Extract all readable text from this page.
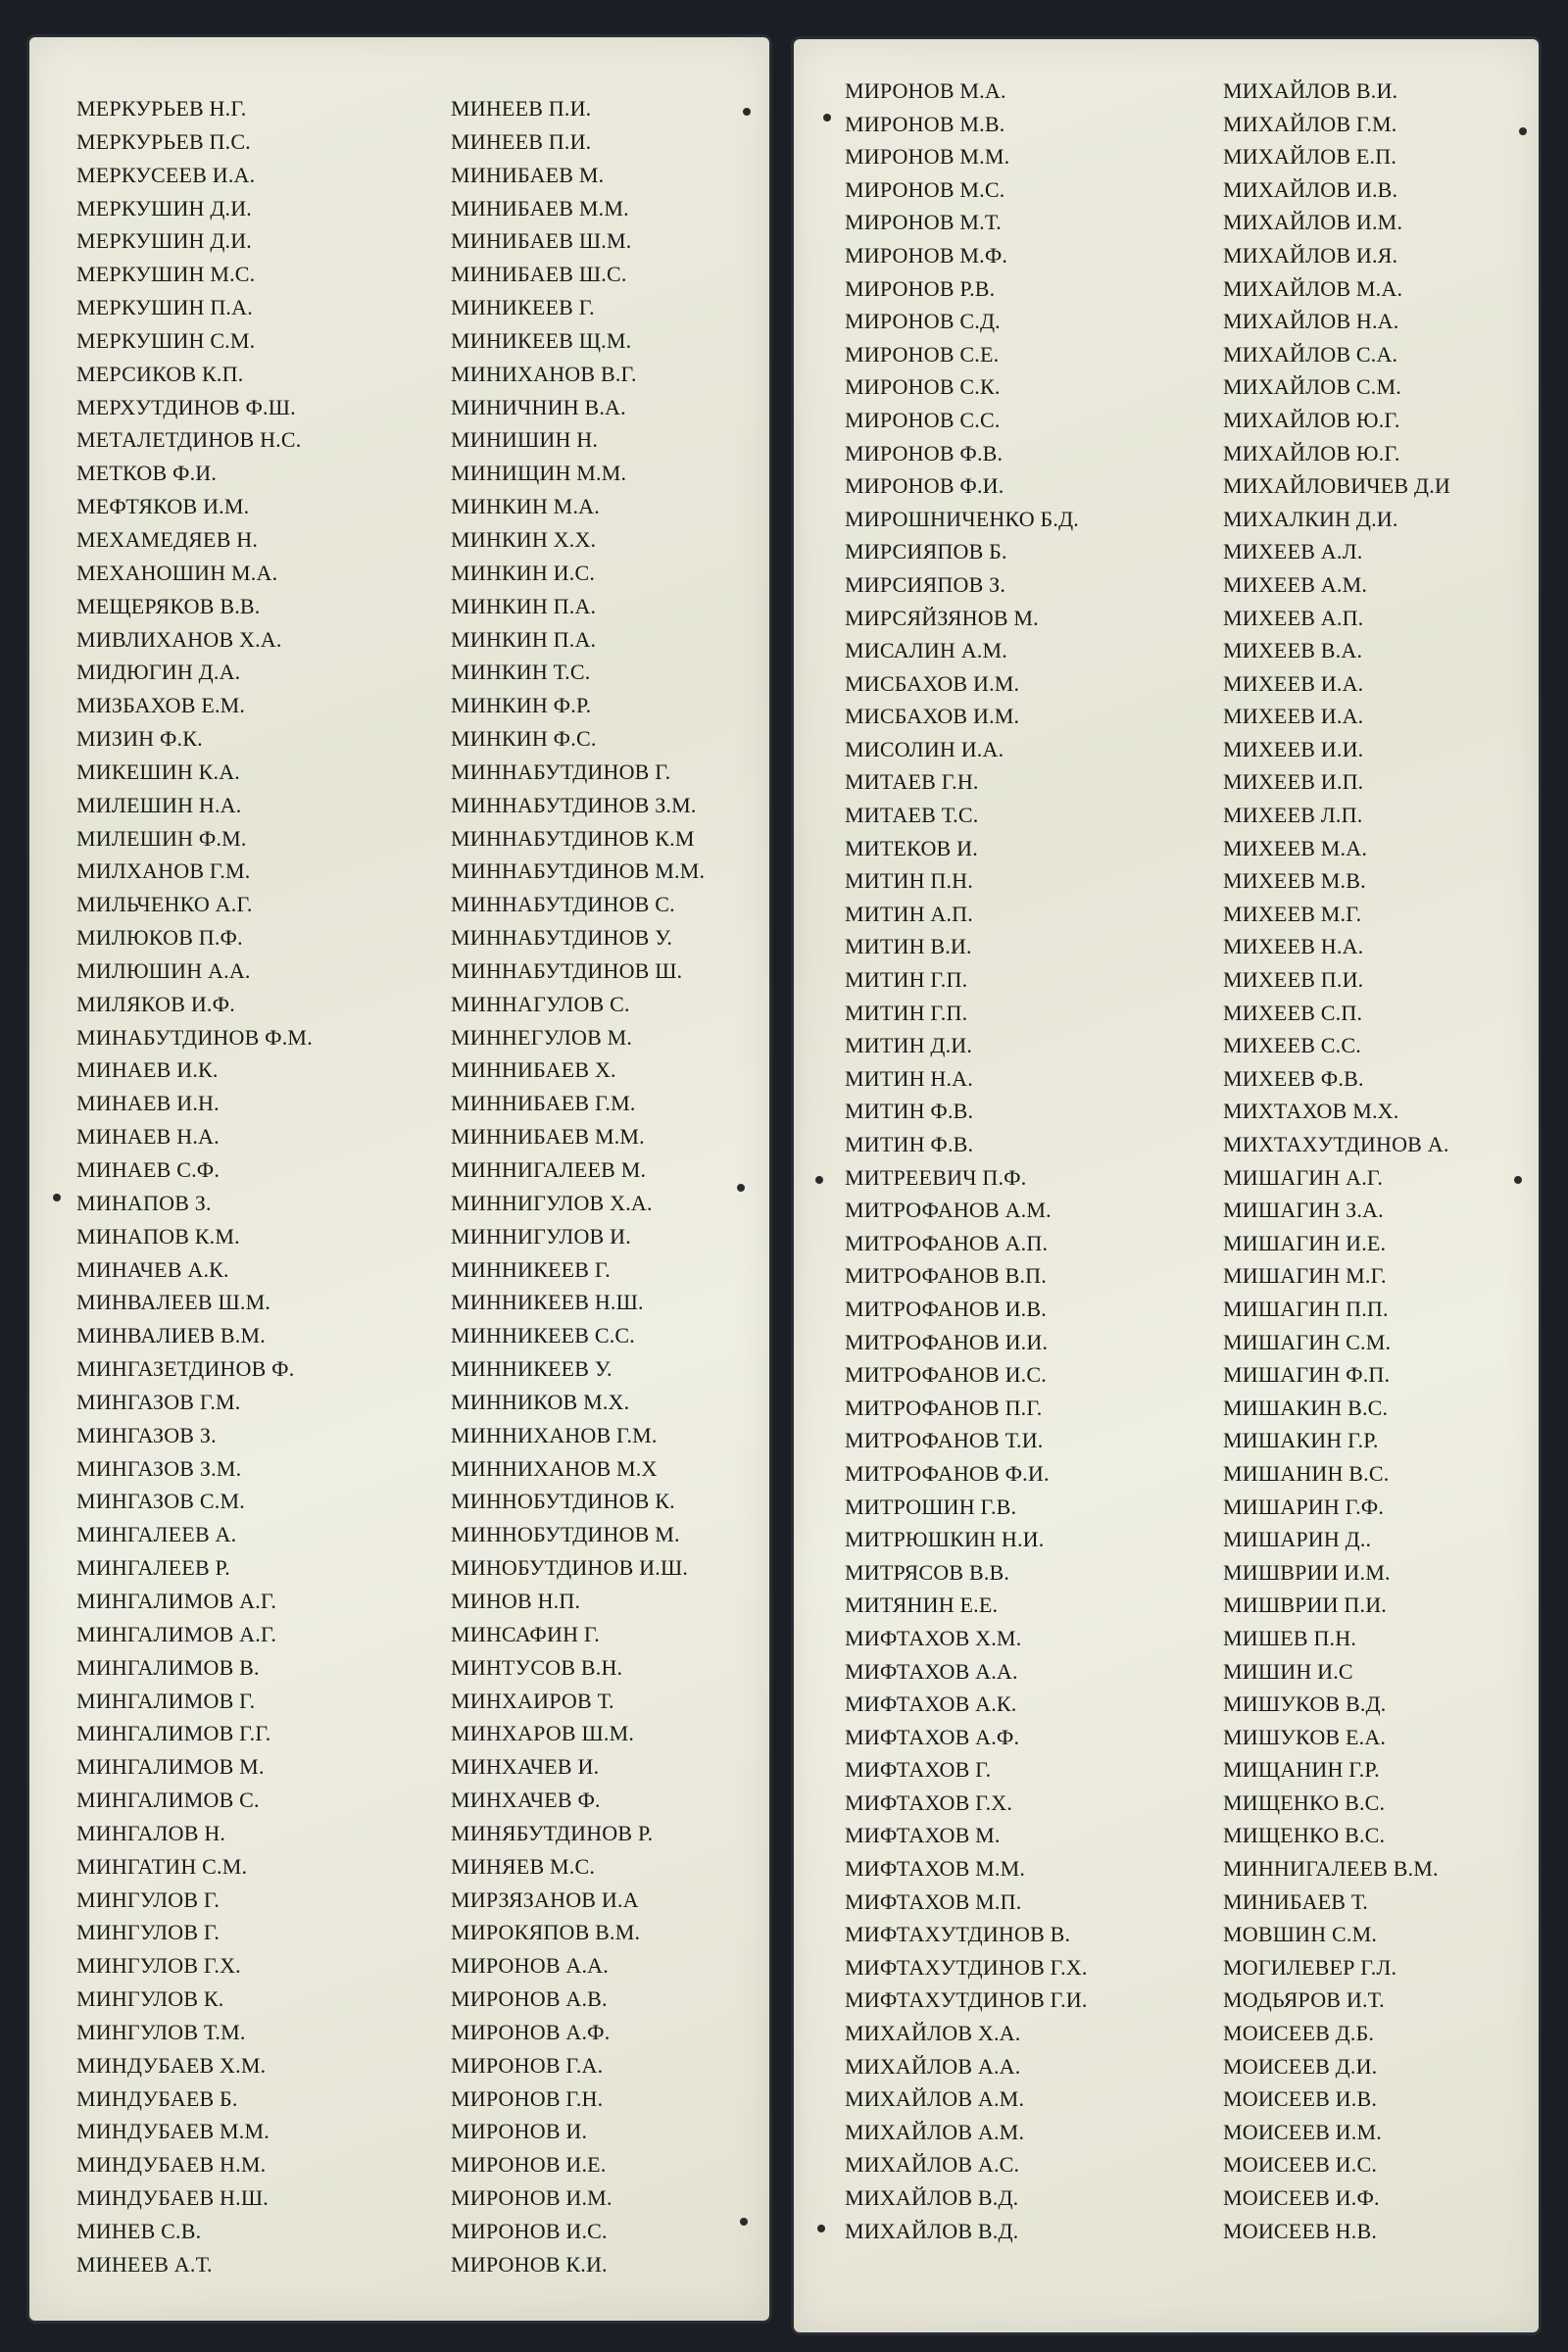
МЕРКУРЬЕВ Н.Г.
МЕРКУРЬЕВ П.С.
МЕРКУСЕЕВ И.А.
МЕРКУШИН Д.И.
МЕРКУШИН Д.И.
МЕРКУШИН М.С.
МЕРКУШИН П.А.
МЕРКУШИН С.М.
МЕРСИКОВ К.П.
МЕРХУТДИНОВ Ф.Ш.
МЕТАЛЕТДИНОВ Н.С.
МЕТКОВ Ф.И.
МЕФТЯКОВ И.М.
МЕХАМЕДЯЕВ Н.
МЕХАНОШИН М.А.
МЕЩЕРЯКОВ В.В.
МИВЛИХАНОВ Х.А.
МИДЮГИН Д.А.
МИЗБАХОВ Е.М.
МИЗИН Ф.К.
МИКЕШИН К.А.
МИЛЕШИН Н.А.
МИЛЕШИН Ф.М.
МИЛХАНОВ Г.М.
МИЛЬЧЕНКО А.Г.
МИЛЮКОВ П.Ф.
МИЛЮШИН А.А.
МИЛЯКОВ И.Ф.
МИНАБУТДИНОВ Ф.М.
МИНАЕВ И.К.
МИНАЕВ И.Н.
МИНАЕВ Н.А.
МИНАЕВ С.Ф.
МИНАПОВ З.
МИНАПОВ К.М.
МИНАЧЕВ А.К.
МИНВАЛЕЕВ Ш.М.
МИНВАЛИЕВ В.М.
МИНГАЗЕТДИНОВ Ф.
МИНГАЗОВ Г.М.
МИНГАЗОВ З.
МИНГАЗОВ З.М.
МИНГАЗОВ С.М.
МИНГАЛЕЕВ А.
МИНГАЛЕЕВ Р.
МИНГАЛИМОВ А.Г.
МИНГАЛИМОВ А.Г.
МИНГАЛИМОВ В.
МИНГАЛИМОВ Г.
МИНГАЛИМОВ Г.Г.
МИНГАЛИМОВ М.
МИНГАЛИМОВ С.
МИНГАЛОВ Н.
МИНГАТИН С.М.
МИНГУЛОВ Г.
МИНГУЛОВ Г.
МИНГУЛОВ Г.Х.
МИНГУЛОВ К.
МИНГУЛОВ Т.М.
МИНДУБАЕВ Х.М.
МИНДУБАЕВ Б.
МИНДУБАЕВ М.М.
МИНДУБАЕВ Н.М.
МИНДУБАЕВ Н.Ш.
МИНЕВ С.В.
МИНЕЕВ А.Т.
МИНЕЕВ П.И.
МИНЕЕВ П.И.
МИНИБАЕВ М.
МИНИБАЕВ М.М.
МИНИБАЕВ Ш.М.
МИНИБАЕВ Ш.С.
МИНИКЕЕВ Г.
МИНИКЕЕВ Щ.М.
МИНИХАНОВ В.Г.
МИНИЧНИН В.А.
МИНИШИН Н.
МИНИЩИН М.М.
МИНКИН М.А.
МИНКИН Х.Х.
МИНКИН И.С.
МИНКИН П.А.
МИНКИН П.А.
МИНКИН Т.С.
МИНКИН Ф.Р.
МИНКИН Ф.С.
МИННАБУТДИНОВ Г.
МИННАБУТДИНОВ З.М.
МИННАБУТДИНОВ К.М
МИННАБУТДИНОВ М.М.
МИННАБУТДИНОВ С.
МИННАБУТДИНОВ У.
МИННАБУТДИНОВ Ш.
МИННАГУЛОВ С.
МИННЕГУЛОВ М.
МИННИБАЕВ Х.
МИННИБАЕВ Г.М.
МИННИБАЕВ М.М.
МИННИГАЛЕЕВ М.
МИННИГУЛОВ Х.А.
МИННИГУЛОВ И.
МИННИКЕЕВ Г.
МИННИКЕЕВ Н.Ш.
МИННИКЕЕВ С.С.
МИННИКЕЕВ У.
МИННИКОВ М.Х.
МИННИХАНОВ Г.М.
МИННИХАНОВ М.Х
МИННОБУТДИНОВ К.
МИННОБУТДИНОВ М.
МИНОБУТДИНОВ И.Ш.
МИНОВ Н.П.
МИНСАФИН Г.
МИНТУСОВ В.Н.
МИНХАИРОВ Т.
МИНХАРОВ Ш.М.
МИНХАЧЕВ И.
МИНХАЧЕВ Ф.
МИНЯБУТДИНОВ Р.
МИНЯЕВ М.С.
МИРЗЯЗАНОВ И.А
МИРОКЯПОВ В.М.
МИРОНОВ А.А.
МИРОНОВ А.В.
МИРОНОВ А.Ф.
МИРОНОВ Г.А.
МИРОНОВ Г.Н.
МИРОНОВ И.
МИРОНОВ И.Е.
МИРОНОВ И.М.
МИРОНОВ И.С.
МИРОНОВ К.И.
МИРОНОВ М.А.
МИРОНОВ М.В.
МИРОНОВ М.М.
МИРОНОВ М.С.
МИРОНОВ М.Т.
МИРОНОВ М.Ф.
МИРОНОВ Р.В.
МИРОНОВ С.Д.
МИРОНОВ С.Е.
МИРОНОВ С.К.
МИРОНОВ С.С.
МИРОНОВ Ф.В.
МИРОНОВ Ф.И.
МИРОШНИЧЕНКО Б.Д.
МИРСИЯПОВ Б.
МИРСИЯПОВ З.
МИРСЯЙЗЯНОВ М.
МИСАЛИН А.М.
МИСБАХОВ И.М.
МИСБАХОВ И.М.
МИСОЛИН И.А.
МИТАЕВ Г.Н.
МИТАЕВ Т.С.
МИТЕКОВ И.
МИТИН П.Н.
МИТИН А.П.
МИТИН В.И.
МИТИН Г.П.
МИТИН Г.П.
МИТИН Д.И.
МИТИН Н.А.
МИТИН Ф.В.
МИТИН Ф.В.
МИТРЕЕВИЧ П.Ф.
МИТРОФАНОВ А.М.
МИТРОФАНОВ А.П.
МИТРОФАНОВ В.П.
МИТРОФАНОВ И.В.
МИТРОФАНОВ И.И.
МИТРОФАНОВ И.С.
МИТРОФАНОВ П.Г.
МИТРОФАНОВ Т.И.
МИТРОФАНОВ Ф.И.
МИТРОШИН Г.В.
МИТРЮШКИН Н.И.
МИТРЯСОВ В.В.
МИТЯНИН Е.Е.
МИФТАХОВ Х.М.
МИФТАХОВ А.А.
МИФТАХОВ А.К.
МИФТАХОВ А.Ф.
МИФТАХОВ Г.
МИФТАХОВ Г.Х.
МИФТАХОВ М.
МИФТАХОВ М.М.
МИФТАХОВ М.П.
МИФТАХУТДИНОВ В.
МИФТАХУТДИНОВ Г.Х.
МИФТАХУТДИНОВ Г.И.
МИХАЙЛОВ Х.А.
МИХАЙЛОВ А.А.
МИХАЙЛОВ А.М.
МИХАЙЛОВ А.М.
МИХАЙЛОВ А.С.
МИХАЙЛОВ В.Д.
МИХАЙЛОВ В.Д.
МИХАЙЛОВ В.И.
МИХАЙЛОВ Г.М.
МИХАЙЛОВ Е.П.
МИХАЙЛОВ И.В.
МИХАЙЛОВ И.М.
МИХАЙЛОВ И.Я.
МИХАЙЛОВ М.А.
МИХАЙЛОВ Н.А.
МИХАЙЛОВ С.А.
МИХАЙЛОВ С.М.
МИХАЙЛОВ Ю.Г.
МИХАЙЛОВ Ю.Г.
МИХАЙЛОВИЧЕВ Д.И
МИХАЛКИН Д.И.
МИХЕЕВ А.Л.
МИХЕЕВ А.М.
МИХЕЕВ А.П.
МИХЕЕВ В.А.
МИХЕЕВ И.А.
МИХЕЕВ И.А.
МИХЕЕВ И.И.
МИХЕЕВ И.П.
МИХЕЕВ Л.П.
МИХЕЕВ М.А.
МИХЕЕВ М.В.
МИХЕЕВ М.Г.
МИХЕЕВ Н.А.
МИХЕЕВ П.И.
МИХЕЕВ С.П.
МИХЕЕВ С.С.
МИХЕЕВ Ф.В.
МИХТАХОВ М.Х.
МИХТАХУТДИНОВ А.
МИШАГИН А.Г.
МИШАГИН З.А.
МИШАГИН И.Е.
МИШАГИН М.Г.
МИШАГИН П.П.
МИШАГИН С.М.
МИШАГИН Ф.П.
МИШАКИН В.С.
МИШАКИН Г.Р.
МИШАНИН В.С.
МИШАРИН Г.Ф.
МИШАРИН Д..
МИШВРИИ И.М.
МИШВРИИ П.И.
МИШЕВ П.Н.
МИШИН И.С
МИШУКОВ В.Д.
МИШУКОВ Е.А.
МИЩАНИН Г.Р.
МИЩЕНКО В.С.
МИЩЕНКО В.С.
МИННИГАЛЕЕВ В.М.
МИНИБАЕВ Т.
МОВШИН С.М.
МОГИЛЕВЕР Г.Л.
МОДЬЯРОВ И.Т.
МОИСЕЕВ Д.Б.
МОИСЕЕВ Д.И.
МОИСЕЕВ И.В.
МОИСЕЕВ И.М.
МОИСЕЕВ И.С.
МОИСЕЕВ И.Ф.
МОИСЕЕВ Н.В.
